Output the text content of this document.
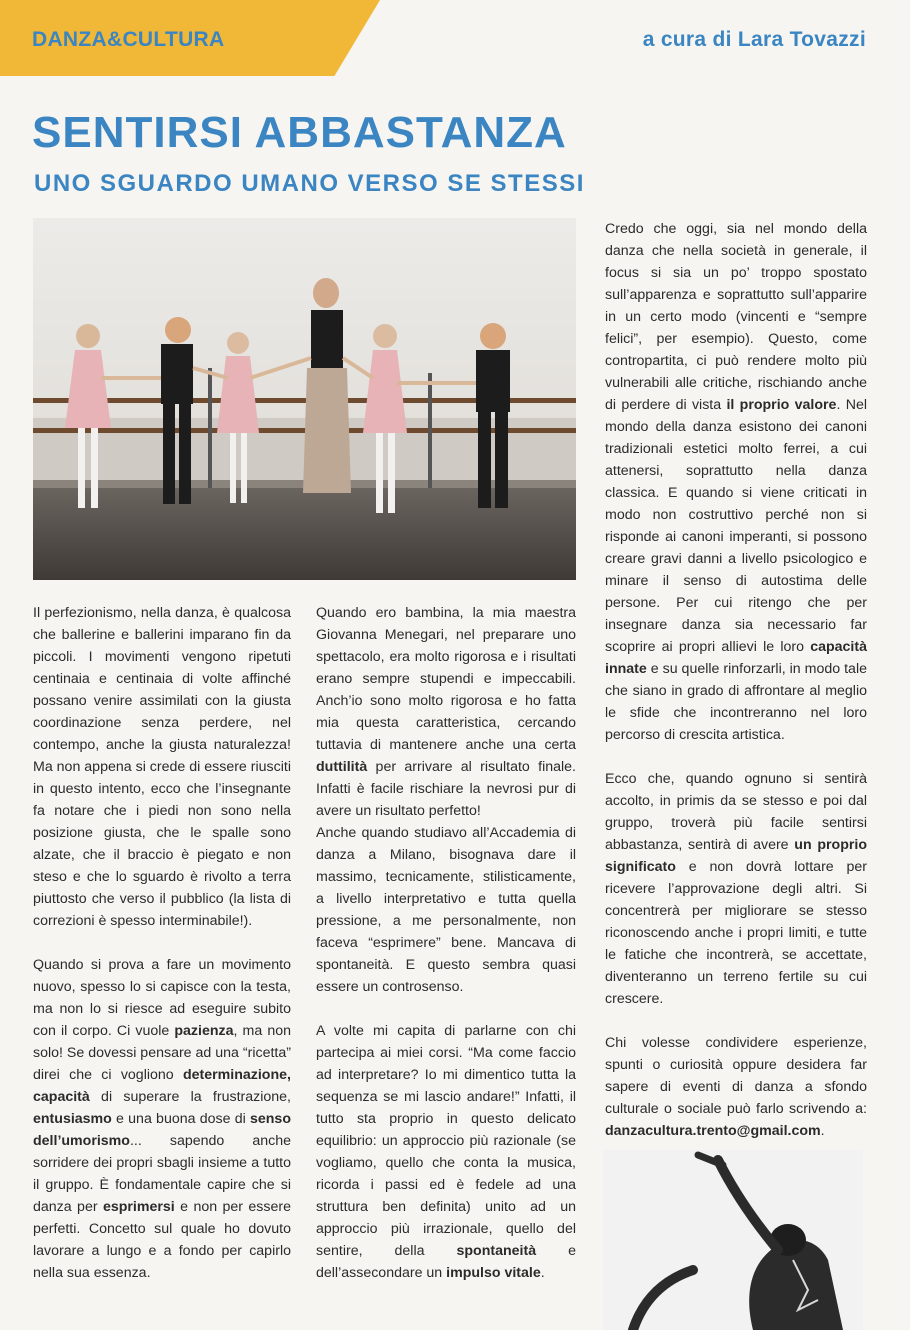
DANZA&CULTURA	a cura di Lara Tovazzi
SENTIRSI ABBASTANZA
UNO SGUARDO UMANO VERSO SE STESSI

Il perfezionismo, nella danza, è qualcosa che ballerine e ballerini imparano fin da piccoli. I movimenti vengono ripetuti centinaia e centinaia di volte affinché possano venire assimilati con la giusta coordinazione senza perdere, nel contempo, anche la giusta naturalezza! Ma non appena si crede di essere riusciti in questo intento, ecco che l’insegnante fa notare che i piedi non sono nella posizione giusta, che le spalle sono alzate, che il braccio è piegato e non steso e che lo sguardo è rivolto a terra piuttosto che verso il pubblico (la lista di correzioni è spesso interminabile!).

Quando si prova a fare un movimento nuovo, spesso lo si capisce con la testa, ma non lo si riesce ad eseguire subito con il corpo. Ci vuole pazienza, ma non solo! Se dovessi pensare ad una “ricetta” direi che ci vogliono determinazione, capacità di superare la frustrazione, entusiasmo e una buona dose di senso dell’umorismo... sapendo anche sorridere dei propri sbagli insieme a tutto il gruppo. È fondamentale capire che si danza per esprimersi e non per essere perfetti. Concetto sul quale ho dovuto lavorare a lungo e a fondo per capirlo nella sua essenza.

Quando ero bambina, la mia maestra Giovanna Menegari, nel preparare uno spettacolo, era molto rigorosa e i risultati erano sempre stupendi e impeccabili. Anch’io sono molto rigorosa e ho fatta mia questa caratteristica, cercando tuttavia di mantenere anche una certa duttilità per arrivare al risultato finale. Infatti è facile rischiare la nevrosi pur di avere un risultato perfetto!

Anche quando studiavo all’Accademia di danza a Milano, bisognava dare il massimo, tecnicamente, stilisticamente, a livello interpretativo e tutta quella pressione, a me personalmente, non faceva “esprimere” bene. Mancava di spontaneità. E questo sembra quasi essere un controsenso.

A volte mi capita di parlarne con chi partecipa ai miei corsi. “Ma come faccio ad interpretare? Io mi dimentico tutta la sequenza se mi lascio andare!” Infatti, il tutto sta proprio in questo delicato equilibrio: un approccio più razionale (se vogliamo, quello che conta la musica, ricorda i passi ed è fedele ad una struttura ben definita) unito ad un approccio più irrazionale, quello del sentire, della spontaneità e dell’assecondare un impulso vitale.

Credo che oggi, sia nel mondo della danza che nella società in generale, il focus si sia un po’ troppo spostato sull’apparenza e soprattutto sull’apparire in un certo modo (vincenti e “sempre felici”, per esempio). Questo, come contropartita, ci può rendere molto più vulnerabili alle critiche, rischiando anche di perdere di vista il proprio valore. Nel mondo della danza esistono dei canoni tradizionali estetici molto ferrei, a cui attenersi, soprattutto nella danza classica. E quando si viene criticati in modo non costruttivo perché non si risponde ai canoni imperanti, si possono creare gravi danni a livello psicologico e minare il senso di autostima delle persone. Per cui ritengo che per insegnare danza sia necessario far scoprire ai propri allievi le loro capacità innate e su quelle rinforzarli, in modo tale che siano in grado di affrontare al meglio le sfide che incontreranno nel loro percorso di crescita artistica.

Ecco che, quando ognuno si sentirà accolto, in primis da se stesso e poi dal gruppo, troverà più facile sentirsi abbastanza, sentirà di avere un proprio significato e non dovrà lottare per ricevere l’approvazione degli altri. Si concentrerà per migliorare se stesso riconoscendo anche i propri limiti, e tutte le fatiche che incontrerà, se accettate, diventeranno un terreno fertile su cui crescere.

Chi volesse condividere esperienze, spunti o curiosità oppure desidera far sapere di eventi di danza a sfondo culturale o sociale può farlo scrivendo a: danzacultura.trento@gmail.com.
